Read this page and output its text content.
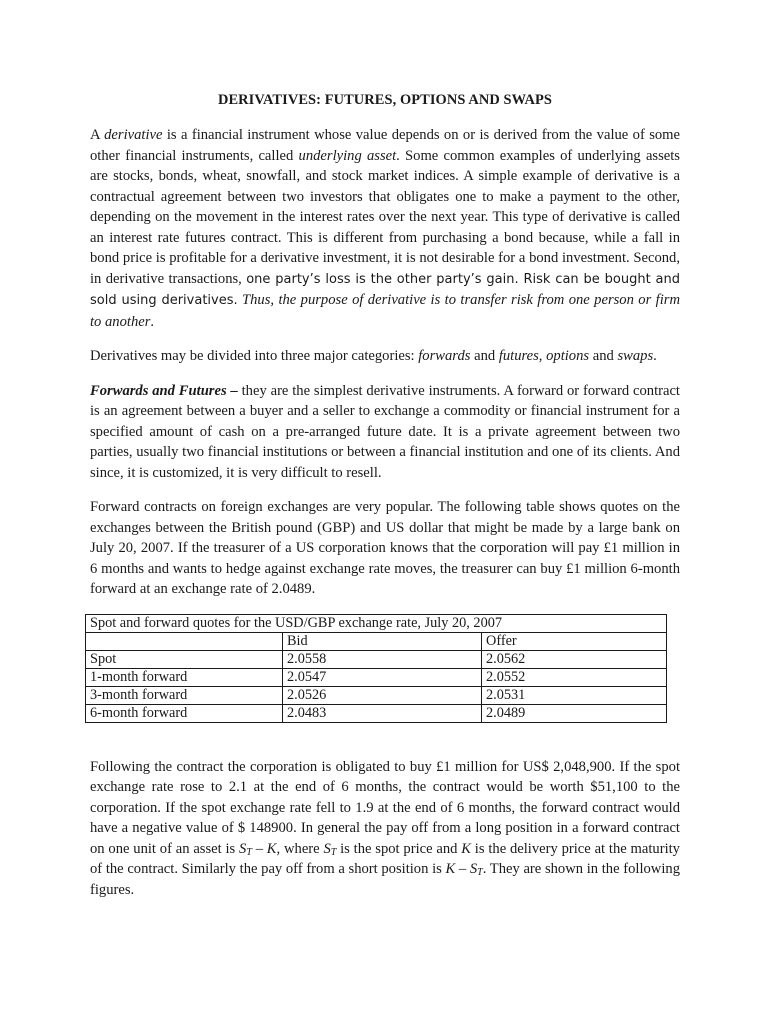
DERIVATIVES: FUTURES, OPTIONS AND SWAPS

A derivative is a financial instrument whose value depends on or is derived from the value of some other financial instruments, called underlying asset. Some common examples of underlying assets are stocks, bonds, wheat, snowfall, and stock market indices. A simple example of derivative is a contractual agreement between two investors that obligates one to make a payment to the other, depending on the movement in the interest rates over the next year. This type of derivative is called an interest rate futures contract. This is different from purchasing a bond because, while a fall in bond price is profitable for a derivative investment, it is not desirable for a bond investment. Second, in derivative transactions, one party’s loss is the other party’s gain. Risk can be bought and sold using derivatives. Thus, the purpose of derivative is to transfer risk from one person or firm to another.

Derivatives may be divided into three major categories: forwards and futures, options and swaps.

Forwards and Futures – they are the simplest derivative instruments. A forward or forward contract is an agreement between a buyer and a seller to exchange a commodity or financial instrument for a specified amount of cash on a pre-arranged future date. It is a private agreement between two parties, usually two financial institutions or between a financial institution and one of its clients. And since, it is customized, it is very difficult to resell.

Forward contracts on foreign exchanges are very popular. The following table shows quotes on the exchanges between the British pound (GBP) and US dollar that might be made by a large bank on July 20, 2007. If the treasurer of a US corporation knows that the corporation will pay £1 million in 6 months and wants to hedge against exchange rate moves, the treasurer can buy £1 million 6-month forward at an exchange rate of 2.0489.

Spot and forward quotes for the USD/GBP exchange rate, July 20, 2007		
	Bid	Offer
Spot	2.0558	2.0562
1-month forward	2.0547	2.0552
3-month forward	2.0526	2.0531
6-month forward	2.0483	2.0489

Following the contract the corporation is obligated to buy £1 million for US$ 2,048,900. If the spot exchange rate rose to 2.1 at the end of 6 months, the contract would be worth $51,100 to the corporation. If the spot exchange rate fell to 1.9 at the end of 6 months, the forward contract would have a negative value of $ 148900. In general the pay off from a long position in a forward contract on one unit of an asset is $S_T$ – K, where $S_T$ is the spot price and K is the delivery price at the maturity of the contract. Similarly the pay off from a short position is K – $S_T$. They are shown in the following figures.
